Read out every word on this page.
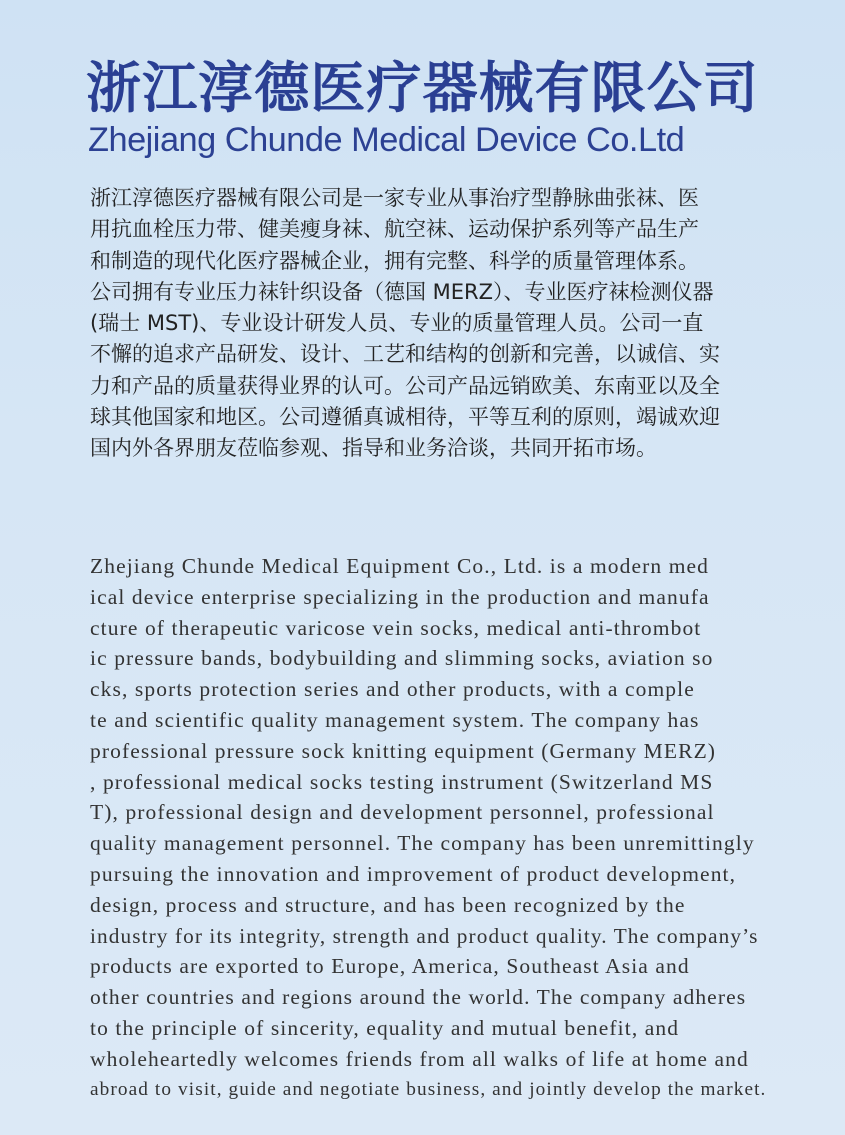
浙江淳德医疗器械有限公司
Zhejiang Chunde Medical Device Co.Ltd
浙江淳德医疗器械有限公司是一家专业从事治疗型静脉曲张袜、医
用抗血栓压力带、健美瘦身袜、航空袜、运动保护系列等产品生产
和制造的现代化医疗器械企业，拥有完整、科学的质量管理体系。
公司拥有专业压力袜针织设备（德国 MERZ）、专业医疗袜检测仪器
(瑞士 MST)、专业设计研发人员、专业的质量管理人员。公司一直
不懈的追求产品研发、设计、工艺和结构的创新和完善，以诚信、实
力和产品的质量获得业界的认可。公司产品远销欧美、东南亚以及全
球其他国家和地区。公司遵循真诚相待，平等互利的原则，竭诚欢迎
国内外各界朋友莅临参观、指导和业务洽谈，共同开拓市场。
Zhejiang Chunde Medical Equipment Co., Ltd. is a modern med
ical device enterprise specializing in the production and manufa
cture of therapeutic varicose vein socks, medical anti-thrombot
ic pressure bands, bodybuilding and slimming socks, aviation so
cks, sports protection series and other products, with a comple
te and scientific quality management system. The company has
professional pressure sock knitting equipment (Germany MERZ)
, professional medical socks testing instrument (Switzerland MS
T), professional design and development personnel, professional
quality management personnel. The company has been unremittingly
pursuing the innovation and improvement of product development,
design, process and structure, and has been recognized by the
industry for its integrity, strength and product quality. The company’s
products are exported to Europe, America, Southeast Asia and
other countries and regions around the world. The company adheres
to the principle of sincerity, equality and mutual benefit, and
wholeheartedly welcomes friends from all walks of life at home and
abroad to visit, guide and negotiate business, and jointly develop the market.
